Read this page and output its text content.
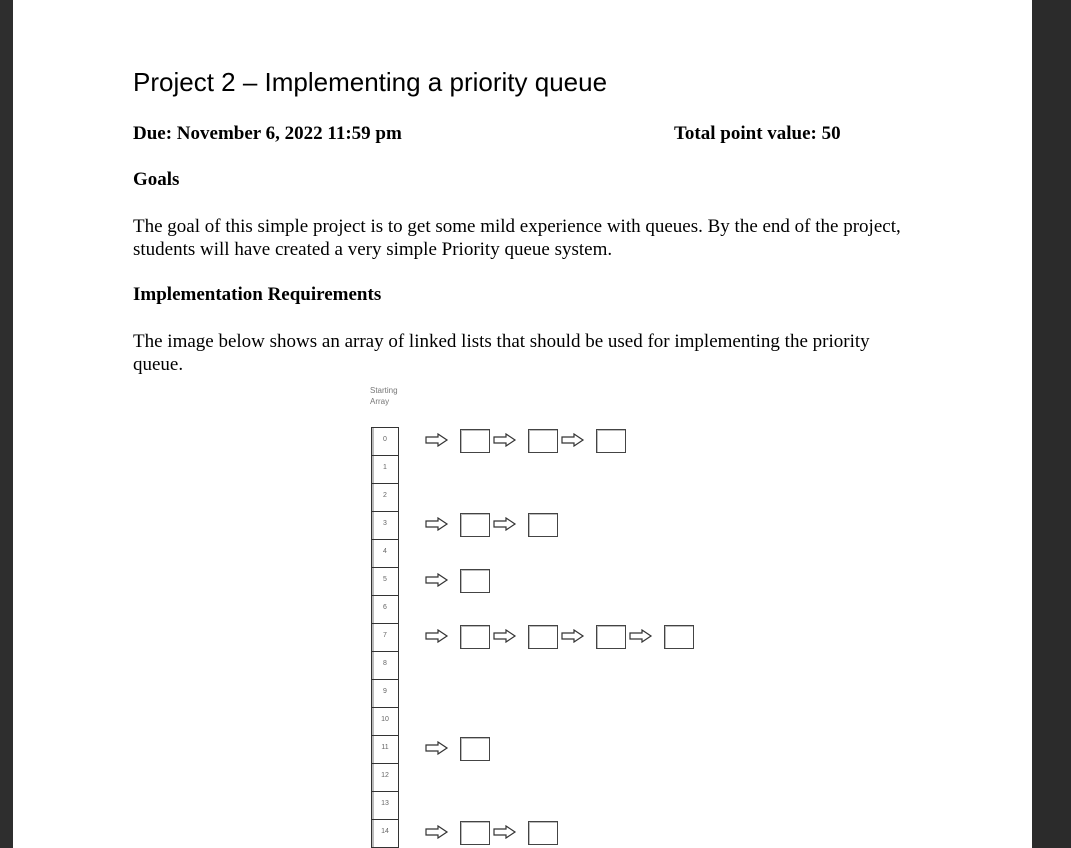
Project 2 – Implementing a priority queue
Due: November 6, 2022 11:59 pm	Total point value: 50
Goals
The goal of this simple project is to get some mild experience with queues. By the end of the project,
students will have created a very simple Priority queue system.
Implementation Requirements
The image below shows an array of linked lists that should be used for implementing the priority
queue.
Starting
Array
0
1
2
3
4
5
6
7
8
9
10
11
12
13
14
